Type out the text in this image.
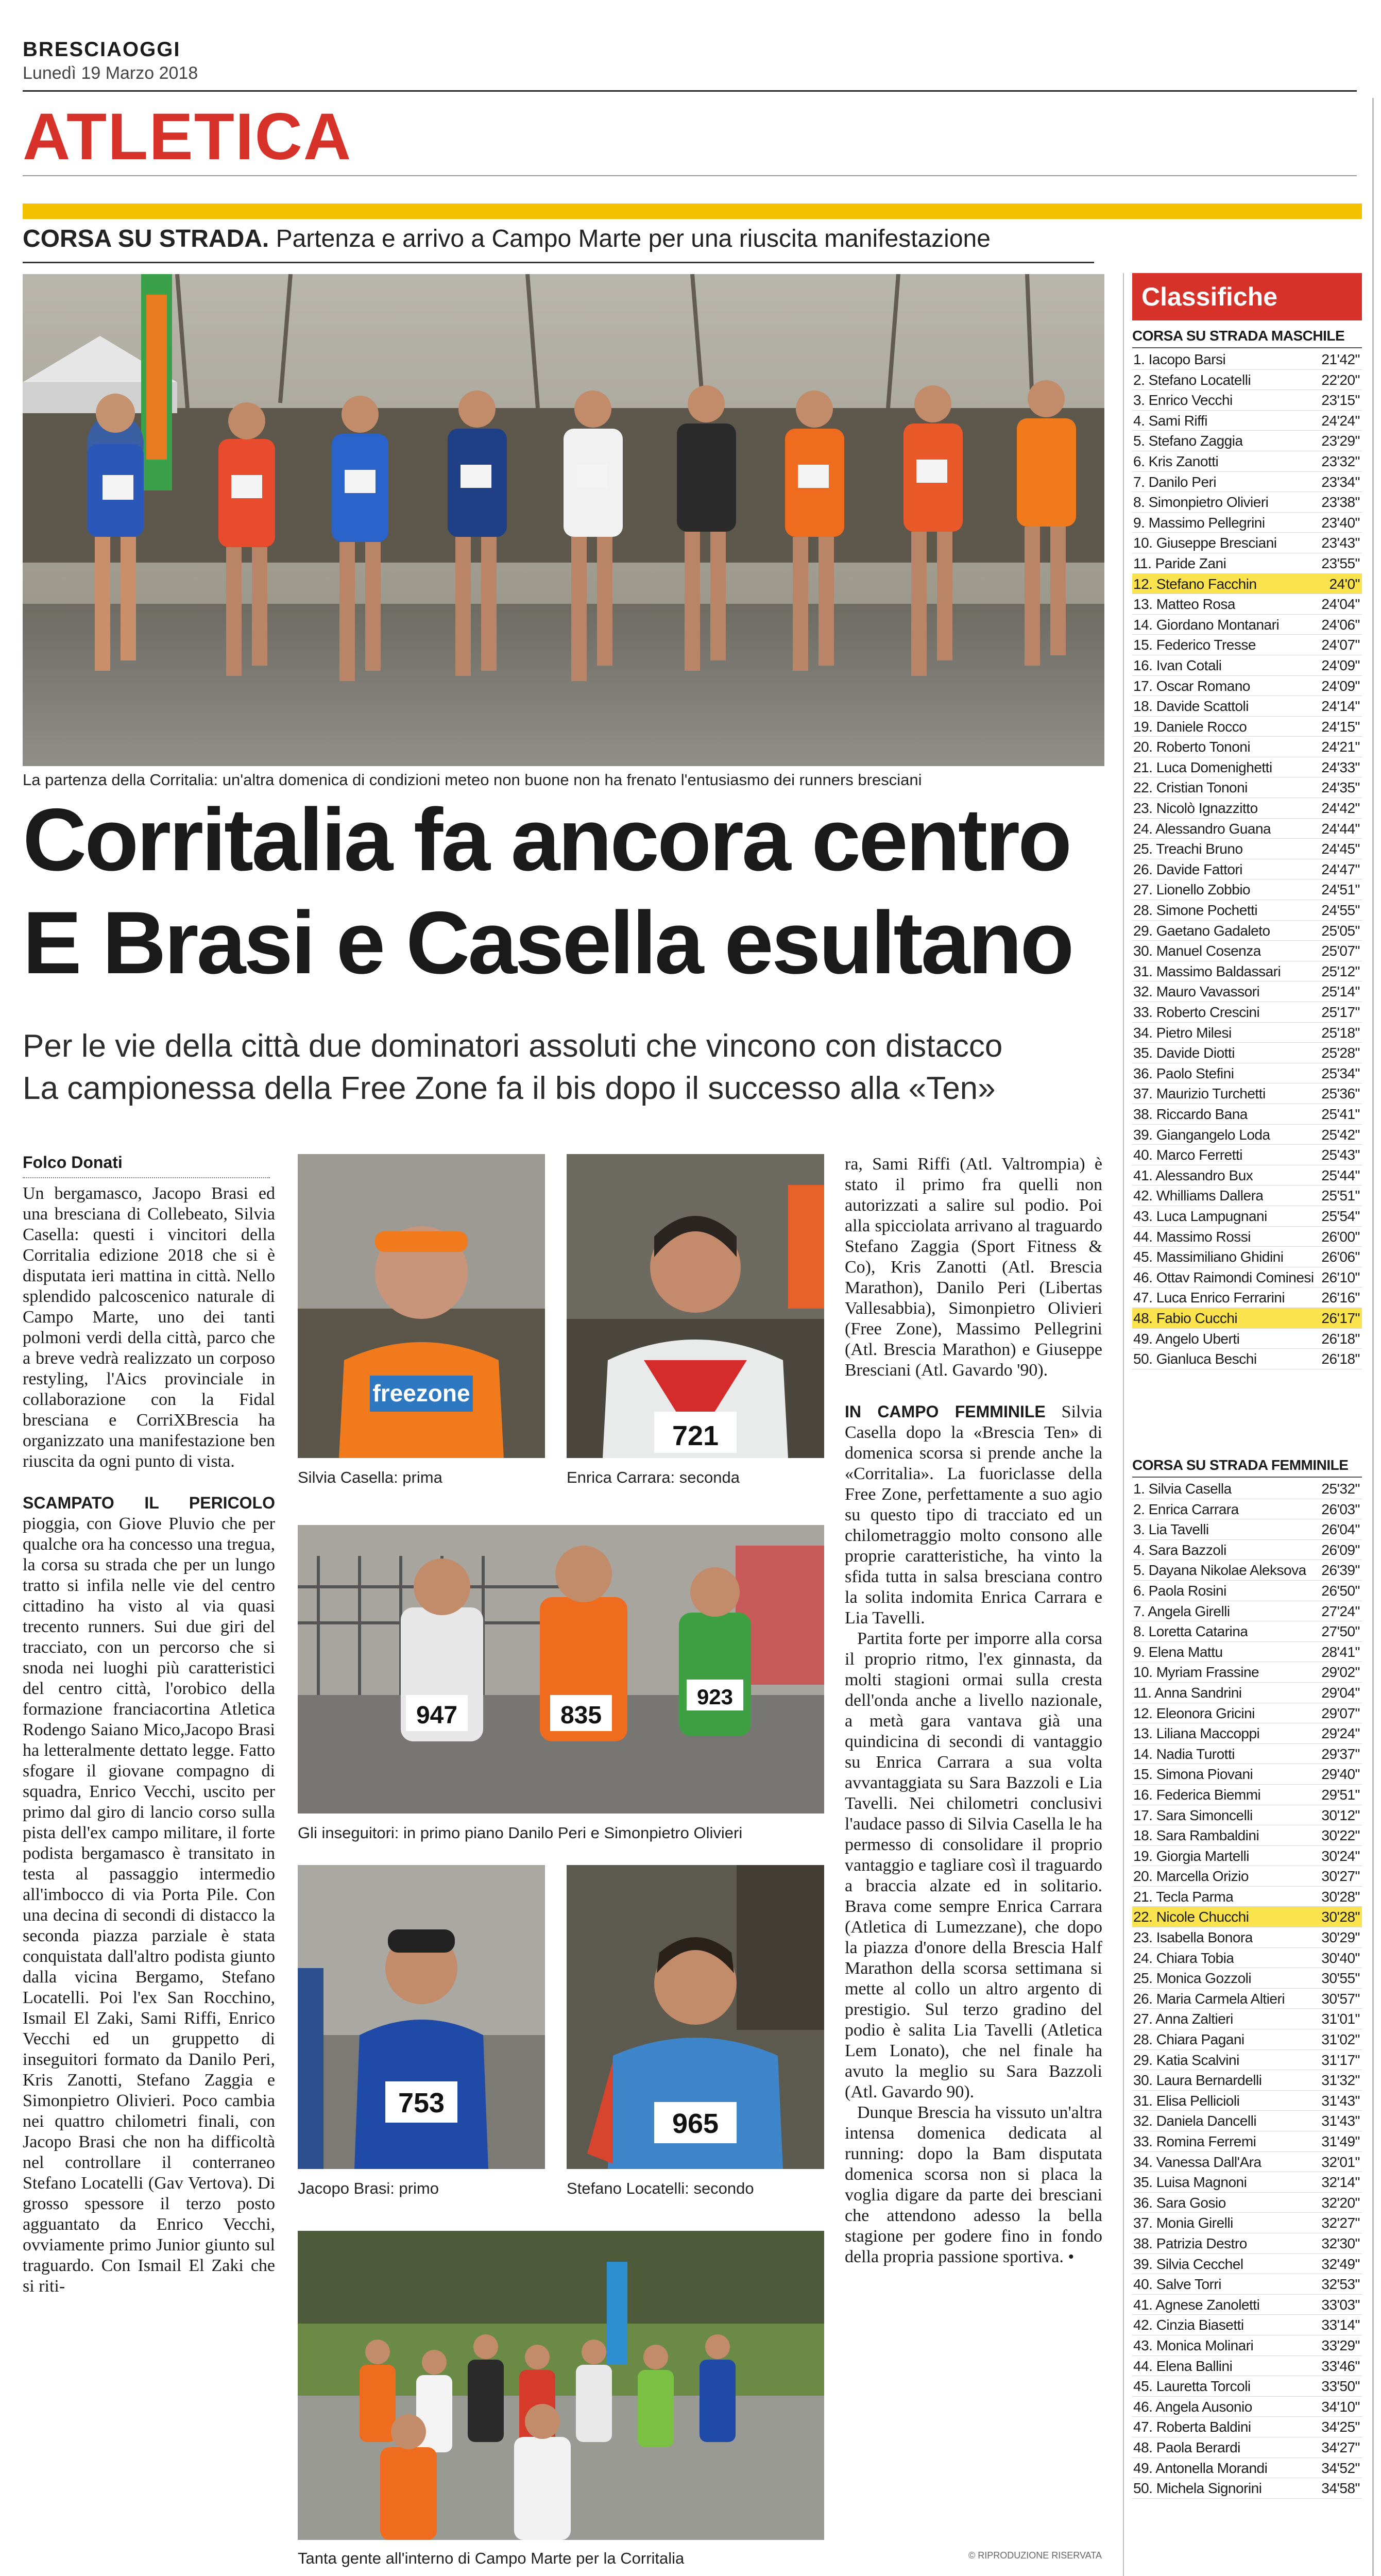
BRESCIAOGGI
Lunedì 19 Marzo 2018
ATLETICA
CORSA SU STRADA. Partenza e arrivo a Campo Marte per una riuscita manifestazione
La partenza della Corritalia: un'altra domenica di condizioni meteo non buone non ha frenato l'entusiasmo dei runners bresciani
Corritalia fa ancora centro
E Brasi e Casella esultano
Per le vie della città due dominatori assoluti che vincono con distacco
La campionessa della Free Zone fa il bis dopo il successo alla «Ten»
Folco Donati

Un bergamasco, Jacopo Brasi ed una bresciana di Collebeato, Silvia Casella: questi i vincitori della Corritalia edizione 2018 che si è disputata ieri mattina in città. Nello splendido palcoscenico naturale di Campo Marte, uno dei tanti polmoni verdi della città, parco che a breve vedrà realizzato un corposo restyling, l'Aics provinciale in collaborazione con la Fidal bresciana e CorriXBrescia ha organizzato una manifestazione ben riuscita da ogni punto di vista.

SCAMPATO IL PERICOLO pioggia, con Giove Pluvio che per qualche ora ha concesso una tregua, la corsa su strada che per un lungo tratto si infila nelle vie del centro cittadino ha visto al via quasi trecento runners. Sui due giri del tracciato, con un percorso che si snoda nei luoghi più caratteristici del centro città, l'orobico della formazione franciacortina Atletica Rodengo Saiano Mico,Jacopo Brasi ha letteralmente dettato legge. Fatto sfogare il giovane compagno di squadra, Enrico Vecchi, uscito per primo dal giro di lancio corso sulla pista dell'ex campo militare, il forte podista bergamasco è transitato in testa al passaggio intermedio all'imbocco di via Porta Pile. Con una decina di secondi di distacco la seconda piazza parziale è stata conquistata dall'altro podista giunto dalla vicina Bergamo, Stefano Locatelli. Poi l'ex San Rocchino, Ismail El Zaki, Sami Riffi, Enrico Vecchi ed un gruppetto di inseguitori formato da Danilo Peri, Kris Zanotti, Stefano Zaggia e Simonpietro Olivieri. Poco cambia nei quattro chilometri finali, con Jacopo Brasi che non ha difficoltà nel controllare il conterraneo Stefano Locatelli (Gav Vertova). Di grosso spessore il terzo posto agguantato da Enrico Vecchi, ovviamente primo Junior giunto sul traguardo. Con Ismail El Zaki che si riti-

ra, Sami Riffi (Atl. Valtrompia) è stato il primo fra quelli non autorizzati a salire sul podio. Poi alla spicciolata arrivano al traguardo Stefano Zaggia (Sport Fitness & Co), Kris Zanotti (Atl. Brescia Marathon), Danilo Peri (Libertas Vallesabbia), Simonpietro Olivieri (Free Zone), Massimo Pellegrini (Atl. Brescia Marathon) e Giuseppe Bresciani (Atl. Gavardo '90).

IN CAMPO FEMMINILE Silvia Casella dopo la «Brescia Ten» di domenica scorsa si prende anche la «Corritalia». La fuoriclasse della Free Zone, perfettamente a suo agio su questo tipo di tracciato ed un chilometraggio molto consono alle proprie caratteristiche, ha vinto la sfida tutta in salsa bresciana contro la solita indomita Enrica Carrara e Lia Tavelli.

Partita forte per imporre alla corsa il proprio ritmo, l'ex ginnasta, da molti stagioni ormai sulla cresta dell'onda anche a livello nazionale, a metà gara vantava già una quindicina di secondi di vantaggio su Enrica Carrara a sua volta avvantaggiata su Sara Bazzoli e Lia Tavelli. Nei chilometri conclusivi l'audace passo di Silvia Casella le ha permesso di consolidare il proprio vantaggio e tagliare così il traguardo a braccia alzate ed in solitario. Brava come sempre Enrica Carrara (Atletica di Lumezzane), che dopo la piazza d'onore della Brescia Half Marathon della scorsa settimana si mette al collo un altro argento di prestigio. Sul terzo gradino del podio è salita Lia Tavelli (Atletica Lem Lonato), che nel finale ha avuto la meglio su Sara Bazzoli (Atl. Gavardo 90).

Dunque Brescia ha vissuto un'altra intensa domenica dedicata al running: dopo la Bam disputata domenica scorsa non si placa la voglia digare da parte dei bresciani che attendono adesso la bella stagione per godere fino in fondo della propria passione sportiva. •

freezone
Silvia Casella: prima
721
Enrica Carrara: seconda
947	835
923
Gli inseguitori: in primo piano Danilo Peri e Simonpietro Olivieri
753
Jacopo Brasi: primo
965
Stefano Locatelli: secondo
Tanta gente all'interno di Campo Marte per la Corritalia	© RIPRODUZIONE RISERVATA
Classifiche
CORSA SU STRADA MASCHILE
1. Iacopo Barsi	21'42"
2. Stefano Locatelli	22'20"
3. Enrico Vecchi	23'15"
4. Sami Riffi	24'24"
5. Stefano Zaggia	23'29"
6. Kris Zanotti	23'32"
7. Danilo Peri	23'34"
8. Simonpietro Olivieri	23'38"
9. Massimo Pellegrini	23'40"
10. Giuseppe Bresciani	23'43"
11. Paride Zani	23'55"
12. Stefano Facchin	24'0"
13. Matteo Rosa	24'04"
14. Giordano Montanari	24'06"
15. Federico Tresse	24'07"
16. Ivan Cotali	24'09"
17. Oscar Romano	24'09"
18. Davide Scattoli	24'14"
19. Daniele Rocco	24'15"
20. Roberto Tononi	24'21"
21. Luca Domenighetti	24'33"
22. Cristian Tononi	24'35"
23. Nicolò Ignazzitto	24'42"
24. Alessandro Guana	24'44"
25. Treachi Bruno	24'45"
26. Davide Fattori	24'47"
27. Lionello Zobbio	24'51"
28. Simone Pochetti	24'55"
29. Gaetano Gadaleto	25'05"
30. Manuel Cosenza	25'07"
31. Massimo Baldassari	25'12"
32. Mauro Vavassori	25'14"
33. Roberto Crescini	25'17"
34. Pietro Milesi	25'18"
35. Davide Diotti	25'28"
36. Paolo Stefini	25'34"
37. Maurizio Turchetti	25'36"
38. Riccardo Bana	25'41"
39. Giangangelo Loda	25'42"
40. Marco Ferretti	25'43"
41. Alessandro Bux	25'44"
42. Whilliams Dallera	25'51"
43. Luca Lampugnani	25'54"
44. Massimo Rossi	26'00"
45. Massimiliano Ghidini	26'06"
46. Ottav Raimondi Cominesi 26'10"
47. Luca Enrico Ferrarini	26'16"
48. Fabio Cucchi	26'17"
49. Angelo Uberti	26'18"
50. Gianluca Beschi	26'18"
CORSA SU STRADA FEMMINILE
1. Silvia Casella	25'32"
2. Enrica Carrara	26'03"
3. Lia Tavelli	26'04"
4. Sara Bazzoli	26'09"
5. Dayana Nikolae Aleksova 26'39"
6. Paola Rosini	26'50"
7. Angela Girelli	27'24"
8. Loretta Catarina	27'50"
9. Elena Mattu	28'41"
10. Myriam Frassine	29'02"
11. Anna Sandrini	29'04"
12. Eleonora Gricini	29'07"
13. Liliana Maccoppi	29'24"
14. Nadia Turotti	29'37"
15. Simona Piovani	29'40"
16. Federica Biemmi	29'51"
17. Sara Simoncelli	30'12"
18. Sara Rambaldini	30'22"
19. Giorgia Martelli	30'24"
20. Marcella Orizio	30'27"
21. Tecla Parma	30'28"
22. Nicole Chucchi	30'28"
23. Isabella Bonora	30'29"
24. Chiara Tobia	30'40"
25. Monica Gozzoli	30'55"
26. Maria Carmela Altieri	30'57"
27. Anna Zaltieri	31'01"
28. Chiara Pagani	31'02"
29. Katia Scalvini	31'17"
30. Laura Bernardelli	31'32"
31. Elisa Pellicioli	31'43"
32. Daniela Dancelli	31'43"
33. Romina Ferremi	31'49"
34. Vanessa Dall'Ara	32'01"
35. Luisa Magnoni	32'14"
36. Sara Gosio	32'20"
37. Monia Girelli	32'27"
38. Patrizia Destro	32'30"
39. Silvia Cecchel	32'49"
40. Salve Torri	32'53"
41. Agnese Zanoletti	33'03"
42. Cinzia Biasetti	33'14"
43. Monica Molinari	33'29"
44. Elena Ballini	33'46"
45. Lauretta Torcoli	33'50"
46. Angela Ausonio	34'10"
47. Roberta Baldini	34'25"
48. Paola Berardi	34'27"
49. Antonella Morandi	34'52"
50. Michela Signorini	34'58"
